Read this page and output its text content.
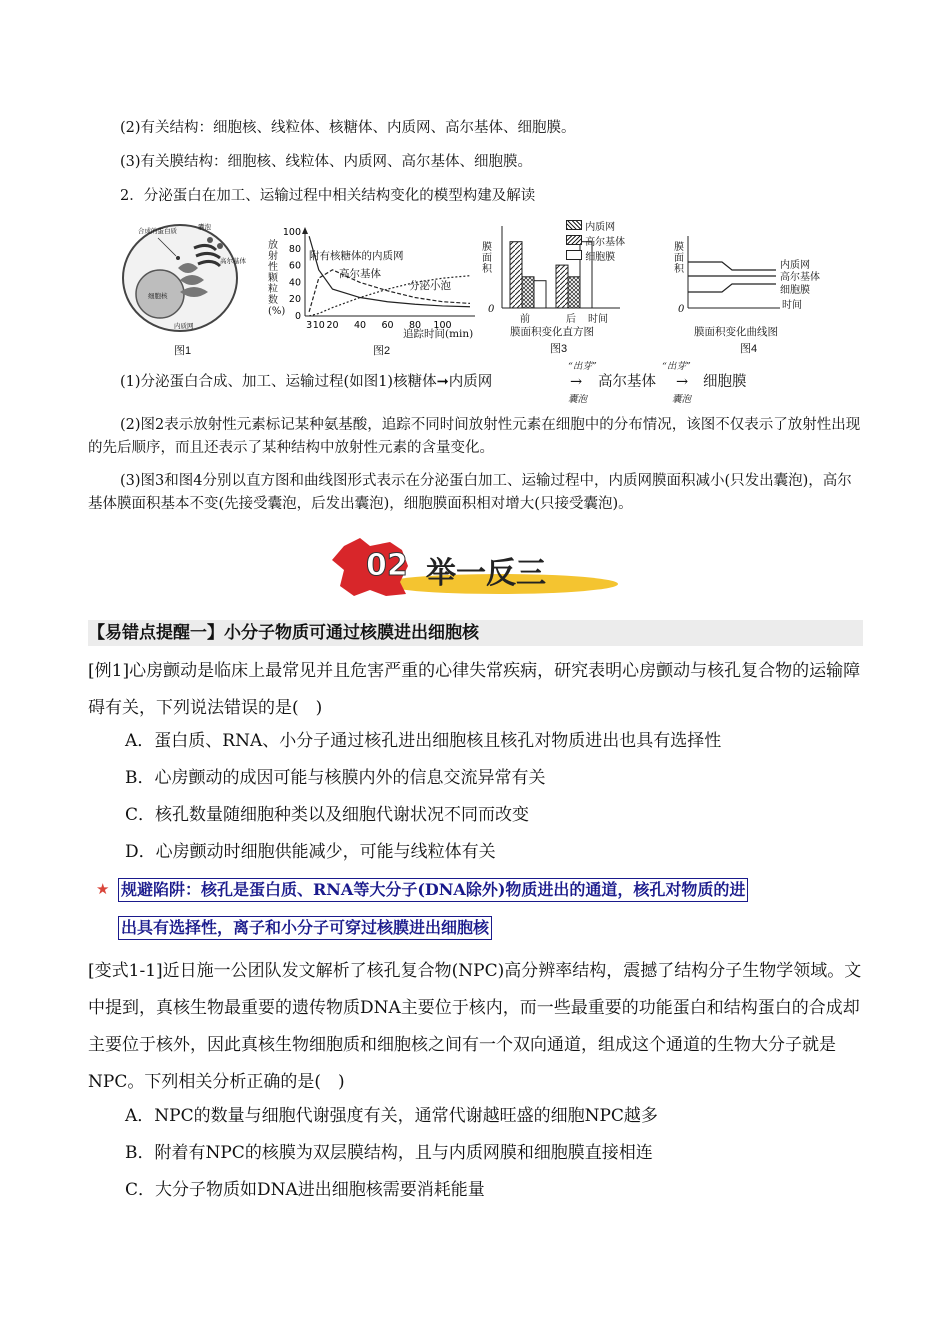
(2)有关结构：细胞核、线粒体、核糖体、内质网、高尔基体、细胞膜。
(3)有关膜结构：细胞核、线粒体、内质网、高尔基体、细胞膜。
2．分泌蛋白在加工、运输过程中相关结构变化的模型构建及解读
合成的蛋白质	囊泡
高尔基体
细胞核
内质网
图1
100
80
60
40
20
0
3 10 20 40 60 80 100
放射性颗粒数(%)
追踪时间(min)
附有核糖体的内质网
高尔基体
分泌小泡
图2
膜面积
0
前	后 时间
内质网
高尔基体
细胞膜
膜面积变化直方图
图3
膜面积
0
内质网
高尔基体
细胞膜
时间
膜面积变化曲线图
图4
“出芽”	“出芽”
(1)分泌蛋白合成、加工、运输过程(如图1)核糖体➞内质网	→ 高尔基体 → 细胞膜
囊泡	囊泡
(2)图2表示放射性元素标记某种氨基酸，追踪不同时间放射性元素在细胞中的分布情况，该图不仅表示了放射性出现的先后顺序，而且还表示了某种结构中放射性元素的含量变化。
(3)图3和图4分别以直方图和曲线图形式表示在分泌蛋白加工、运输过程中，内质网膜面积减小(只发出囊泡)，高尔基体膜面积基本不变(先接受囊泡，后发出囊泡)，细胞膜面积相对增大(只接受囊泡)。
02 举一反三
【易错点提醒一】小分子物质可通过核膜进出细胞核
[例1]心房颤动是临床上最常见并且危害严重的心律失常疾病，研究表明心房颤动与核孔复合物的运输障碍有关，下列说法错误的是(　)
A．蛋白质、RNA、小分子通过核孔进出细胞核且核孔对物质进出也具有选择性
B．心房颤动的成因可能与核膜内外的信息交流异常有关
C．核孔数量随细胞种类以及细胞代谢状况不同而改变
D．心房颤动时细胞供能减少，可能与线粒体有关
★ 规避陷阱：核孔是蛋白质、RNA等大分子(DNA除外)物质进出的通道，核孔对物质的进
出具有选择性，离子和小分子可穿过核膜进出细胞核
[变式1-1]近日施一公团队发文解析了核孔复合物(NPC)高分辨率结构，震撼了结构分子生物学领域。文中提到，真核生物最重要的遗传物质DNA主要位于核内，而一些最重要的功能蛋白和结构蛋白的合成却主要位于核外，因此真核生物细胞质和细胞核之间有一个双向通道，组成这个通道的生物大分子就是NPC。下列相关分析正确的是(　)
A．NPC的数量与细胞代谢强度有关，通常代谢越旺盛的细胞NPC越多
B．附着有NPC的核膜为双层膜结构，且与内质网膜和细胞膜直接相连
C．大分子物质如DNA进出细胞核需要消耗能量
